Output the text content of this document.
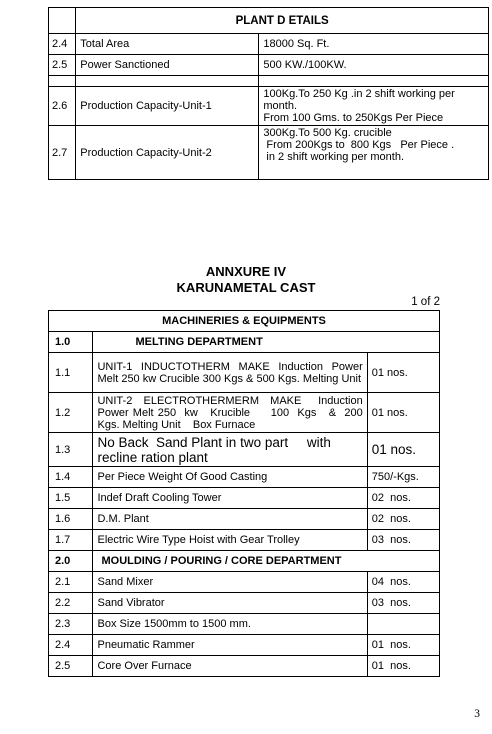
	PLANT D ETAILS	
2.4	Total Area	18000 Sq. Ft.
2.5	Power Sanctioned	500 KW./100KW.

2.6	Production Capacity-Unit-1	100Kg.To 250 Kg .in 2 shift working per
month.
From 100 Gms. to 250Kgs Per Piece

2.7	Production Capacity-Unit-2	300Kg.To 500 Kg. crucible
From 200Kgs to  800 Kgs   Per Piece .
in 2 shift working per month.
ANNXURE IV
KARUNAMETAL CAST
1 of 2
MACHINERIES & EQUIPMENTS		
1.0	MELTING DEPARTMENT	
1.1	UNIT-1 INDUCTOTHERM MAKE Induction Power Melt 250 kw Crucible 300 Kgs & 500 Kgs. Melting Unit	01 nos.
1.2	UNIT-2  ELECTROTHERMERM  MAKE   Induction Power Melt 250  kw   Krucible     100  Kgs   &  200 Kgs. Melting Unit    Box Furnace	01 nos.
1.3	No Back  Sand Plant in two part     with recline ration plant	01 nos.
1.4	Per Piece Weight Of Good Casting	750/-Kgs.
1.5	Indef Draft Cooling Tower	02  nos.
1.6	D.M. Plant	02  nos.
1.7	Electric Wire Type Hoist with Gear Trolley	03  nos.
2.0	MOULDING / POURING / CORE DEPARTMENT	
2.1	Sand Mixer	04  nos.
2.2	Sand Vibrator	03  nos.
2.3	Box Size 1500mm to 1500 mm.	
2.4	Pneumatic Rammer	01  nos.
2.5	Core Over Furnace	01  nos.
3
